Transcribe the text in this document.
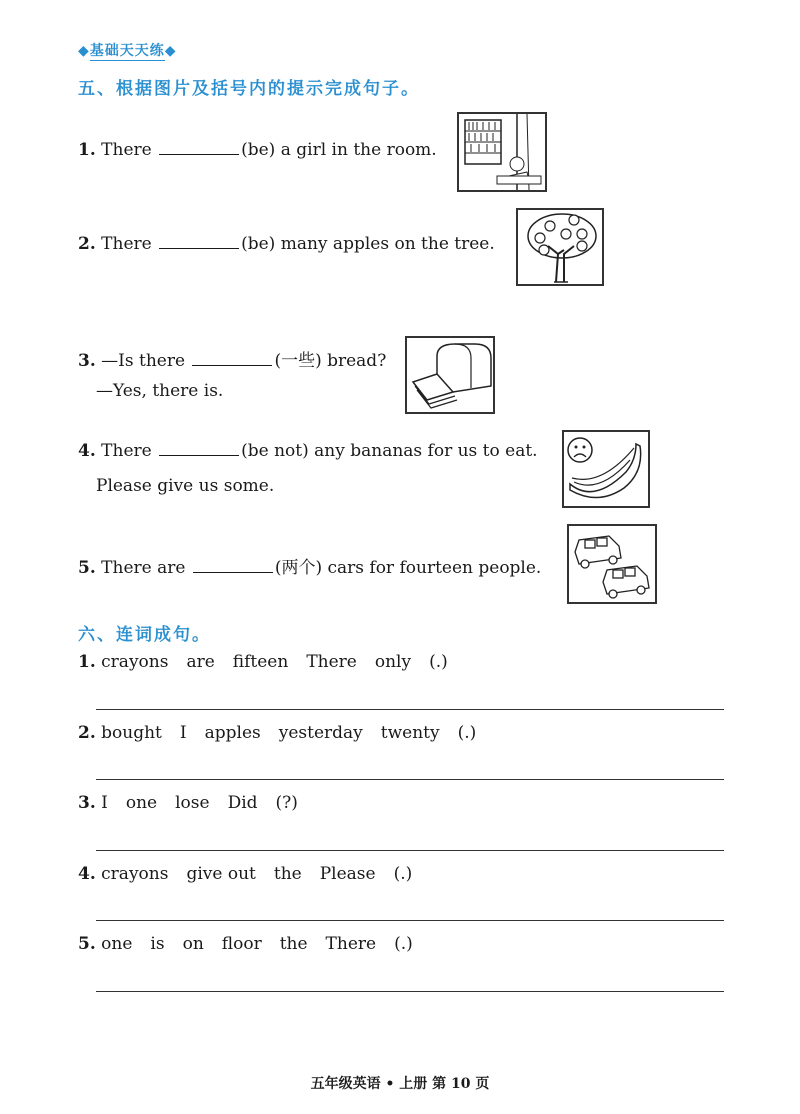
◆基础天天练◆
五、根据图片及括号内的提示完成句子。
1. There	(be) a girl in the room.
2. There	(be) many apples on the tree.
3. —Is there	(一些) bread?
—Yes, there is.
4. There	(be not) any bananas for us to eat.
Please give us some.
5. There are	(两个) cars for fourteen people.
六、连词成句。
1. crayons are fifteen There only (.)
2. bought I apples yesterday twenty (.)
3. I one lose Did (?)
4. crayons give out the Please (.)
5. one is on floor the There (.)
五年级英语 • 上册 第 10 页
